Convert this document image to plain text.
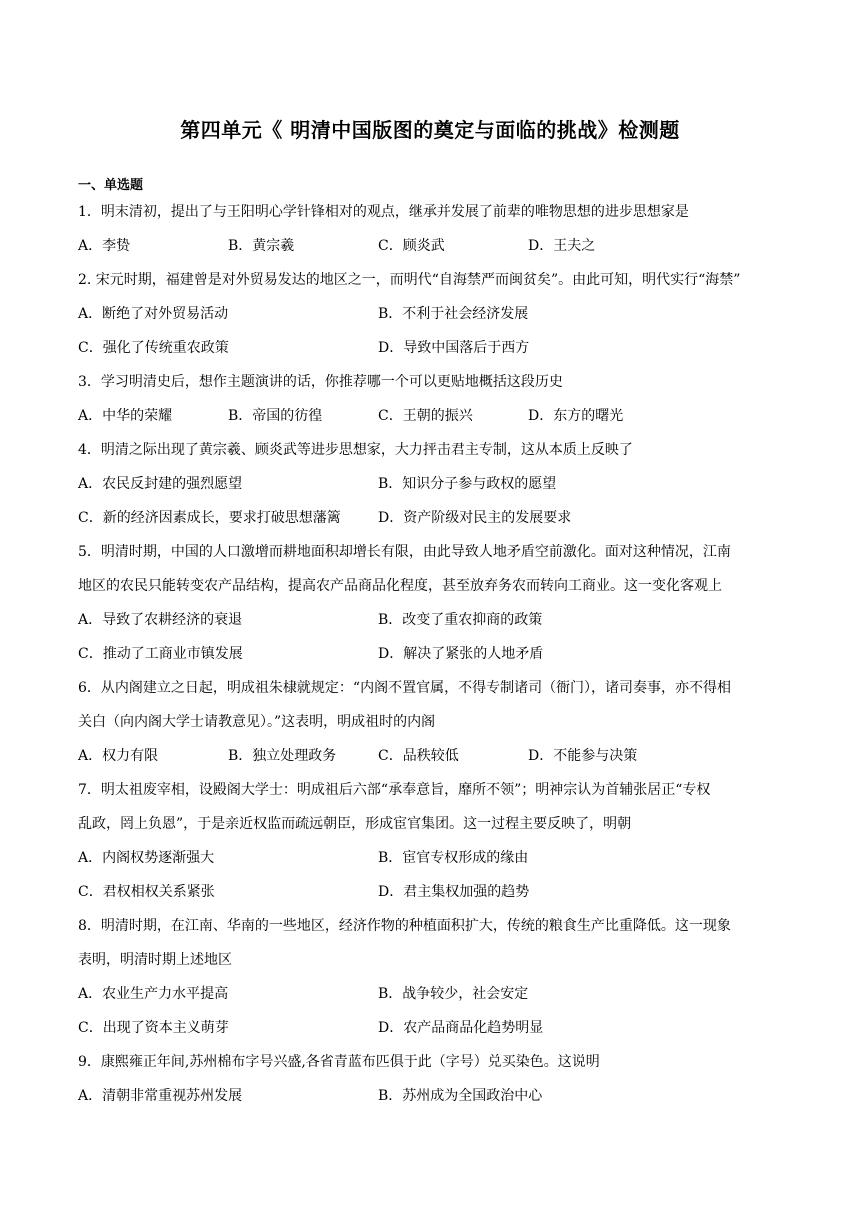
第四单元《 明清中国版图的奠定与面临的挑战》检测题
一、单选题
1．明末清初，提出了与王阳明心学针锋相对的观点，继承并发展了前辈的唯物思想的进步思想家是
A．李贽	B．黄宗羲	C．顾炎武	D．王夫之
2. 宋元时期，福建曾是对外贸易发达的地区之一，而明代“自海禁严而闽贫矣”。由此可知，明代实行“海禁”
A．断绝了对外贸易活动	B．不利于社会经济发展
C．强化了传统重农政策	D．导致中国落后于西方
3．学习明清史后，想作主题演讲的话，你推荐哪一个可以更贴地概括这段历史
A．中华的荣耀	B．帝国的彷徨	C．王朝的振兴	D．东方的曙光
4．明清之际出现了黄宗羲、顾炎武等进步思想家，大力抨击君主专制，这从本质上反映了
A．农民反封建的强烈愿望	B．知识分子参与政权的愿望
C．新的经济因素成长，要求打破思想藩篱	D．资产阶级对民主的发展要求
5．明清时期，中国的人口激增而耕地面积却增长有限，由此导致人地矛盾空前激化。面对这种情况，江南
地区的农民只能转变农产品结构，提高农产品商品化程度，甚至放弃务农而转向工商业。这一变化客观上
A．导致了农耕经济的衰退	B．改变了重农抑商的政策
C．推动了工商业市镇发展	D．解决了紧张的人地矛盾
6．从内阁建立之日起，明成祖朱棣就规定：“内阁不置官属，不得专制诸司（衙门），诸司奏事，亦不得相
关白（向内阁大学士请教意见）。”这表明，明成祖时的内阁
A．权力有限	B．独立处理政务	C．品秩较低	D．不能参与决策
7．明太祖废宰相，设殿阁大学士：明成祖后六部“承奉意旨，靡所不领”；明神宗认为首辅张居正“专权
乱政，罔上负恩”，于是亲近权监而疏远朝臣，形成宦官集团。这一过程主要反映了，明朝
A．内阁权势逐渐强大	B．宦官专权形成的缘由
C．君权相权关系紧张	D．君主集权加强的趋势
8．明清时期，在江南、华南的一些地区，经济作物的种植面积扩大，传统的粮食生产比重降低。这一现象
表明，明清时期上述地区
A．农业生产力水平提高	B．战争较少，社会安定
C．出现了资本主义萌芽	D．农产品商品化趋势明显
9．康熙雍正年间,苏州棉布字号兴盛,各省青蓝布匹俱于此（字号）兑买染色。这说明
A．清朝非常重视苏州发展	B．苏州成为全国政治中心
